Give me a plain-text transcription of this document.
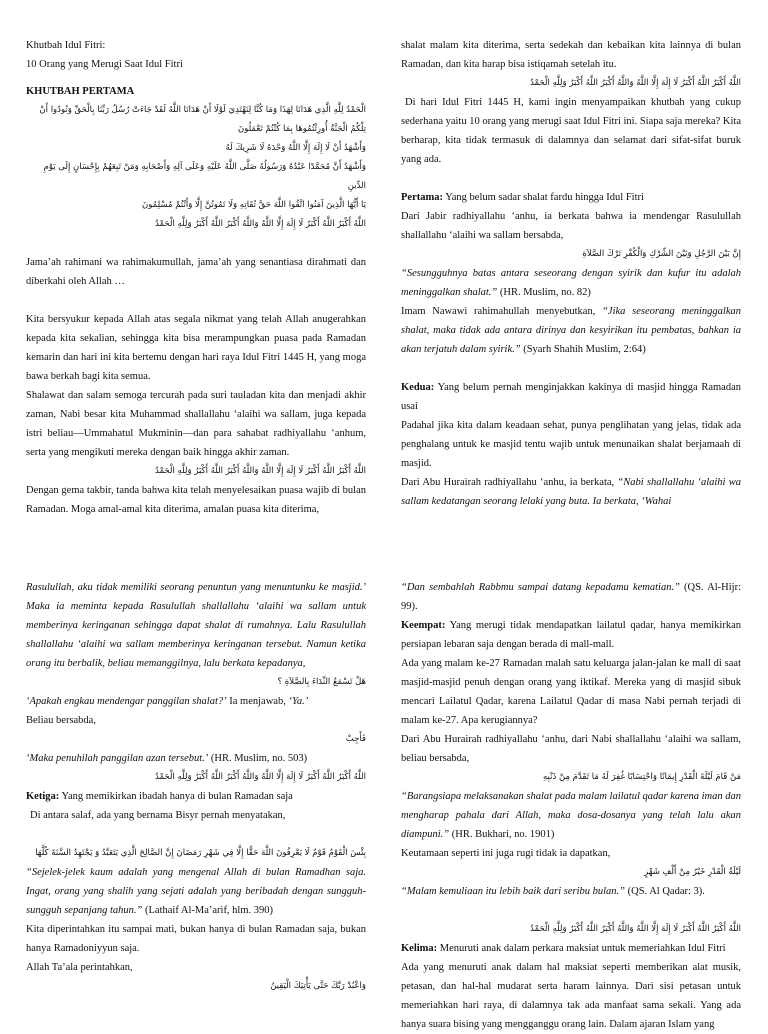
Khutbah Idul Fitri:

10 Orang yang Merugi Saat Idul Fitri

KHUTBAH PERTAMA

الْحَمْدُ لِلَّهِ الَّذِي هَدَانَا لِهَذَا وَمَا كُنَّا لِنَهْتَدِيَ لَوْلَا أَنْ هَدَانَا اللَّهُ لَقَدْ جَاءَتْ رُسُلُ رَبِّنَا بِالْحَقِّ وَنُودُوا أَنْ تِلْكُمُ الْجَنَّةُ أُورِثْتُمُوهَا بِمَا كُنْتُمْ تَعْمَلُونَ

وَأَشْهَدُ أَنْ لَا إِلَهَ إِلَّا اللَّهُ وَحْدَهُ لَا شَرِيكَ لَهُ

وَأَشْهَدُ أَنَّ مُحَمَّدًا عَبْدُهُ وَرَسُولُهُ صَلَّى اللَّهُ عَلَيْهِ وَعَلَى آلِهِ وَأَصْحَابِهِ وَمَنْ تَبِعَهُمْ بِإِحْسَانٍ إِلَى يَوْمِ الدِّينِ

يَا أَيُّهَا الَّذِينَ آمَنُوا اتَّقُوا اللَّهَ حَقَّ تُقَاتِهِ وَلَا تَمُوتُنَّ إِلَّا وَأَنْتُمْ مُسْلِمُونَ

اللَّهُ أَكْبَرُ اللَّهُ أَكْبَرُ لَا إِلَهَ إِلَّا اللَّهُ وَاللَّهُ أَكْبَرُ اللَّهُ أَكْبَرُ وَلِلَّهِ الْحَمْدُ

Jama’ah rahimani wa rahimakumullah, jama’ah yang senantiasa dirahmati dan diberkahi oleh Allah …

Kita bersyukur kepada Allah atas segala nikmat yang telah Allah anugerahkan kepada kita sekalian, sehingga kita bisa merampungkan puasa pada Ramadan kemarin dan hari ini kita bertemu dengan hari raya Idul Fitri 1445 H, yang moga bawa berkah bagi kita semua.

Shalawat dan salam semoga tercurah pada suri tauladan kita dan menjadi akhir zaman, Nabi besar kita Muhammad shallallahu ‘alaihi wa sallam, juga kepada istri beliau—Ummahatul Mukminin—dan para sahabat radhiyallahu ‘anhum, serta yang mengikuti mereka dengan baik hingga akhir zaman.

اللَّهُ أَكْبَرُ اللَّهُ أَكْبَرُ لَا إِلَهَ إِلَّا اللَّهُ وَاللَّهُ أَكْبَرُ اللَّهُ أَكْبَرُ وَلِلَّهِ الْحَمْدُ

Dengan gema takbir, tanda bahwa kita telah menyelesaikan puasa wajib di bulan Ramadan. Moga amal-amal kita diterima, amalan puasa kita diterima,

shalat malam kita diterima, serta sedekah dan kebaikan kita lainnya di bulan Ramadan, dan kita harap bisa istiqamah setelah itu.

اللَّهُ أَكْبَرُ اللَّهُ أَكْبَرُ لَا إِلَهَ إِلَّا اللَّهُ وَاللَّهُ أَكْبَرُ اللَّهُ أَكْبَرُ وَلِلَّهِ الْحَمْدُ

Di hari Idul Fitri 1445 H, kami ingin menyampaikan khutbah yang cukup sederhana yaitu 10 orang yang merugi saat Idul Fitri ini. Siapa saja mereka? Kita berharap, kita tidak termasuk di dalamnya dan selamat dari sifat-sifat buruk yang ada.

Pertama: Yang belum sadar shalat fardu hingga Idul Fitri

Dari Jabir radhiyallahu ‘anhu, ia berkata bahwa ia mendengar Rasulullah shallallahu ‘alaihi wa sallam bersabda,

إِنَّ بَيْنَ الرَّجُلِ وَبَيْنَ الشِّرْكِ وَالْكُفْرِ تَرْكَ الصَّلاَةِ

“Sesungguhnya batas antara seseorang dengan syirik dan kufur itu adalah meninggalkan shalat.” (HR. Muslim, no. 82)

Imam Nawawi rahimahullah menyebutkan, “Jika seseorang meninggalkan shalat, maka tidak ada antara dirinya dan kesyirikan itu pembatas, bahkan ia akan terjatuh dalam syirik.” (Syarh Shahih Muslim, 2:64)

Kedua: Yang belum pernah menginjakkan kakinya di masjid hingga Ramadan usai

Padahal jika kita dalam keadaan sehat, punya penglihatan yang jelas, tidak ada penghalang untuk ke masjid tentu wajib untuk menunaikan shalat berjamaah di masjid.

Dari Abu Hurairah radhiyallahu ‘anhu, ia berkata, “Nabi shallallahu ‘alaihi wa sallam kedatangan seorang lelaki yang buta. Ia berkata, ‘Wahai

Rasulullah, aku tidak memiliki seorang penuntun yang menuntunku ke masjid.’ Maka ia meminta kepada Rasulullah shallallahu ‘alaihi wa sallam untuk memberinya keringanan sehingga dapat shalat di rumahnya. Lalu Rasulullah shallallahu ‘alaihi wa sallam memberinya keringanan tersebut. Namun ketika orang itu berbalik, beliau memanggilnya, lalu berkata kepadanya,

هَلْ تَسْمَعُ النِّدَاءَ بِالصَّلاَةِ ؟

‘Apakah engkau mendengar panggilan shalat?’ Ia menjawab, ‘Ya.’

Beliau bersabda,

فَأَجِبْ

‘Maka penuhilah panggilan azan tersebut.’ (HR. Muslim, no. 503)

اللَّهُ أَكْبَرُ اللَّهُ أَكْبَرُ لَا إِلَهَ إِلَّا اللَّهُ وَاللَّهُ أَكْبَرُ اللَّهُ أَكْبَرُ وَلِلَّهِ الْحَمْدُ

Ketiga: Yang memikirkan ibadah hanya di bulan Ramadan saja

Di antara salaf, ada yang bernama Bisyr pernah menyatakan,

بِئْسَ الْقَوْمُ قَوْمٌ لَا يَعْرِفُونَ اللَّهَ حَقًّا إِلَّا فِي شَهْرِ رَمَضَانَ إِنَّ الصَّالِحَ الَّذِي يَتَعَبَّدُ وَ يَجْتَهِدُ السَّنَةَ كُلَّهَا

“Sejelek-jelek kaum adalah yang mengenal Allah di bulan Ramadhan saja. Ingat, orang yang shalih yang sejati adalah yang beribadah dengan sungguh-sungguh sepanjang tahun.” (Lathaif Al-Ma’arif, hlm. 390)

Kita diperintahkan itu sampai mati, bukan hanya di bulan Ramadan saja, bukan hanya Ramadoniyyun saja.

Allah Ta’ala perintahkan,

وَاعْبُدْ رَبَّكَ حَتَّى يَأْتِيَكَ الْيَقِينُ

“Dan sembahlah Rabbmu sampai datang kepadamu kematian.” (QS. Al-Hijr: 99).

Keempat: Yang merugi tidak mendapatkan lailatul qadar, hanya memikirkan persiapan lebaran saja dengan berada di mall-mall.

Ada yang malam ke-27 Ramadan malah satu keluarga jalan-jalan ke mall di saat masjid-masjid penuh dengan orang yang iktikaf. Mereka yang di masjid sibuk mencari Lailatul Qadar, karena Lailatul Qadar di masa Nabi pernah terjadi di malam ke-27. Apa kerugiannya?

Dari Abu Hurairah radhiyallahu ‘anhu, dari Nabi shallallahu ‘alaihi wa sallam, beliau bersabda,

مَنْ قَامَ لَيْلَةَ الْقَدْرِ إِيمَانًا وَاحْتِسَابًا غُفِرَ لَهُ مَا تَقَدَّمَ مِنْ ذَنْبِهِ

“Barangsiapa melaksanakan shalat pada malam lailatul qadar karena iman dan mengharap pahala dari Allah, maka dosa-dosanya yang telah lalu akan diampuni.” (HR. Bukhari, no. 1901)

Keutamaan seperti ini juga rugi tidak ia dapatkan,

لَيْلَةُ الْقَدْرِ خَيْرٌ مِنْ أَلْفِ شَهْرٍ

“Malam kemuliaan itu lebih baik dari seribu bulan.” (QS. Al Qadar: 3).

اللَّهُ أَكْبَرُ اللَّهُ أَكْبَرُ لَا إِلَهَ إِلَّا اللَّهُ وَاللَّهُ أَكْبَرُ اللَّهُ أَكْبَرُ وَلِلَّهِ الْحَمْدُ

Kelima: Menuruti anak dalam perkara maksiat untuk memeriahkan Idul Fitri

Ada yang menuruti anak dalam hal maksiat seperti memberikan alat musik, petasan, dan hal-hal mudarat serta haram lainnya. Dari sisi petasan untuk memeriahkan hari raya, di dalamnya tak ada manfaat sama sekali. Yang ada hanya suara bising yang mengganggu orang lain. Dalam ajaran Islam yang
